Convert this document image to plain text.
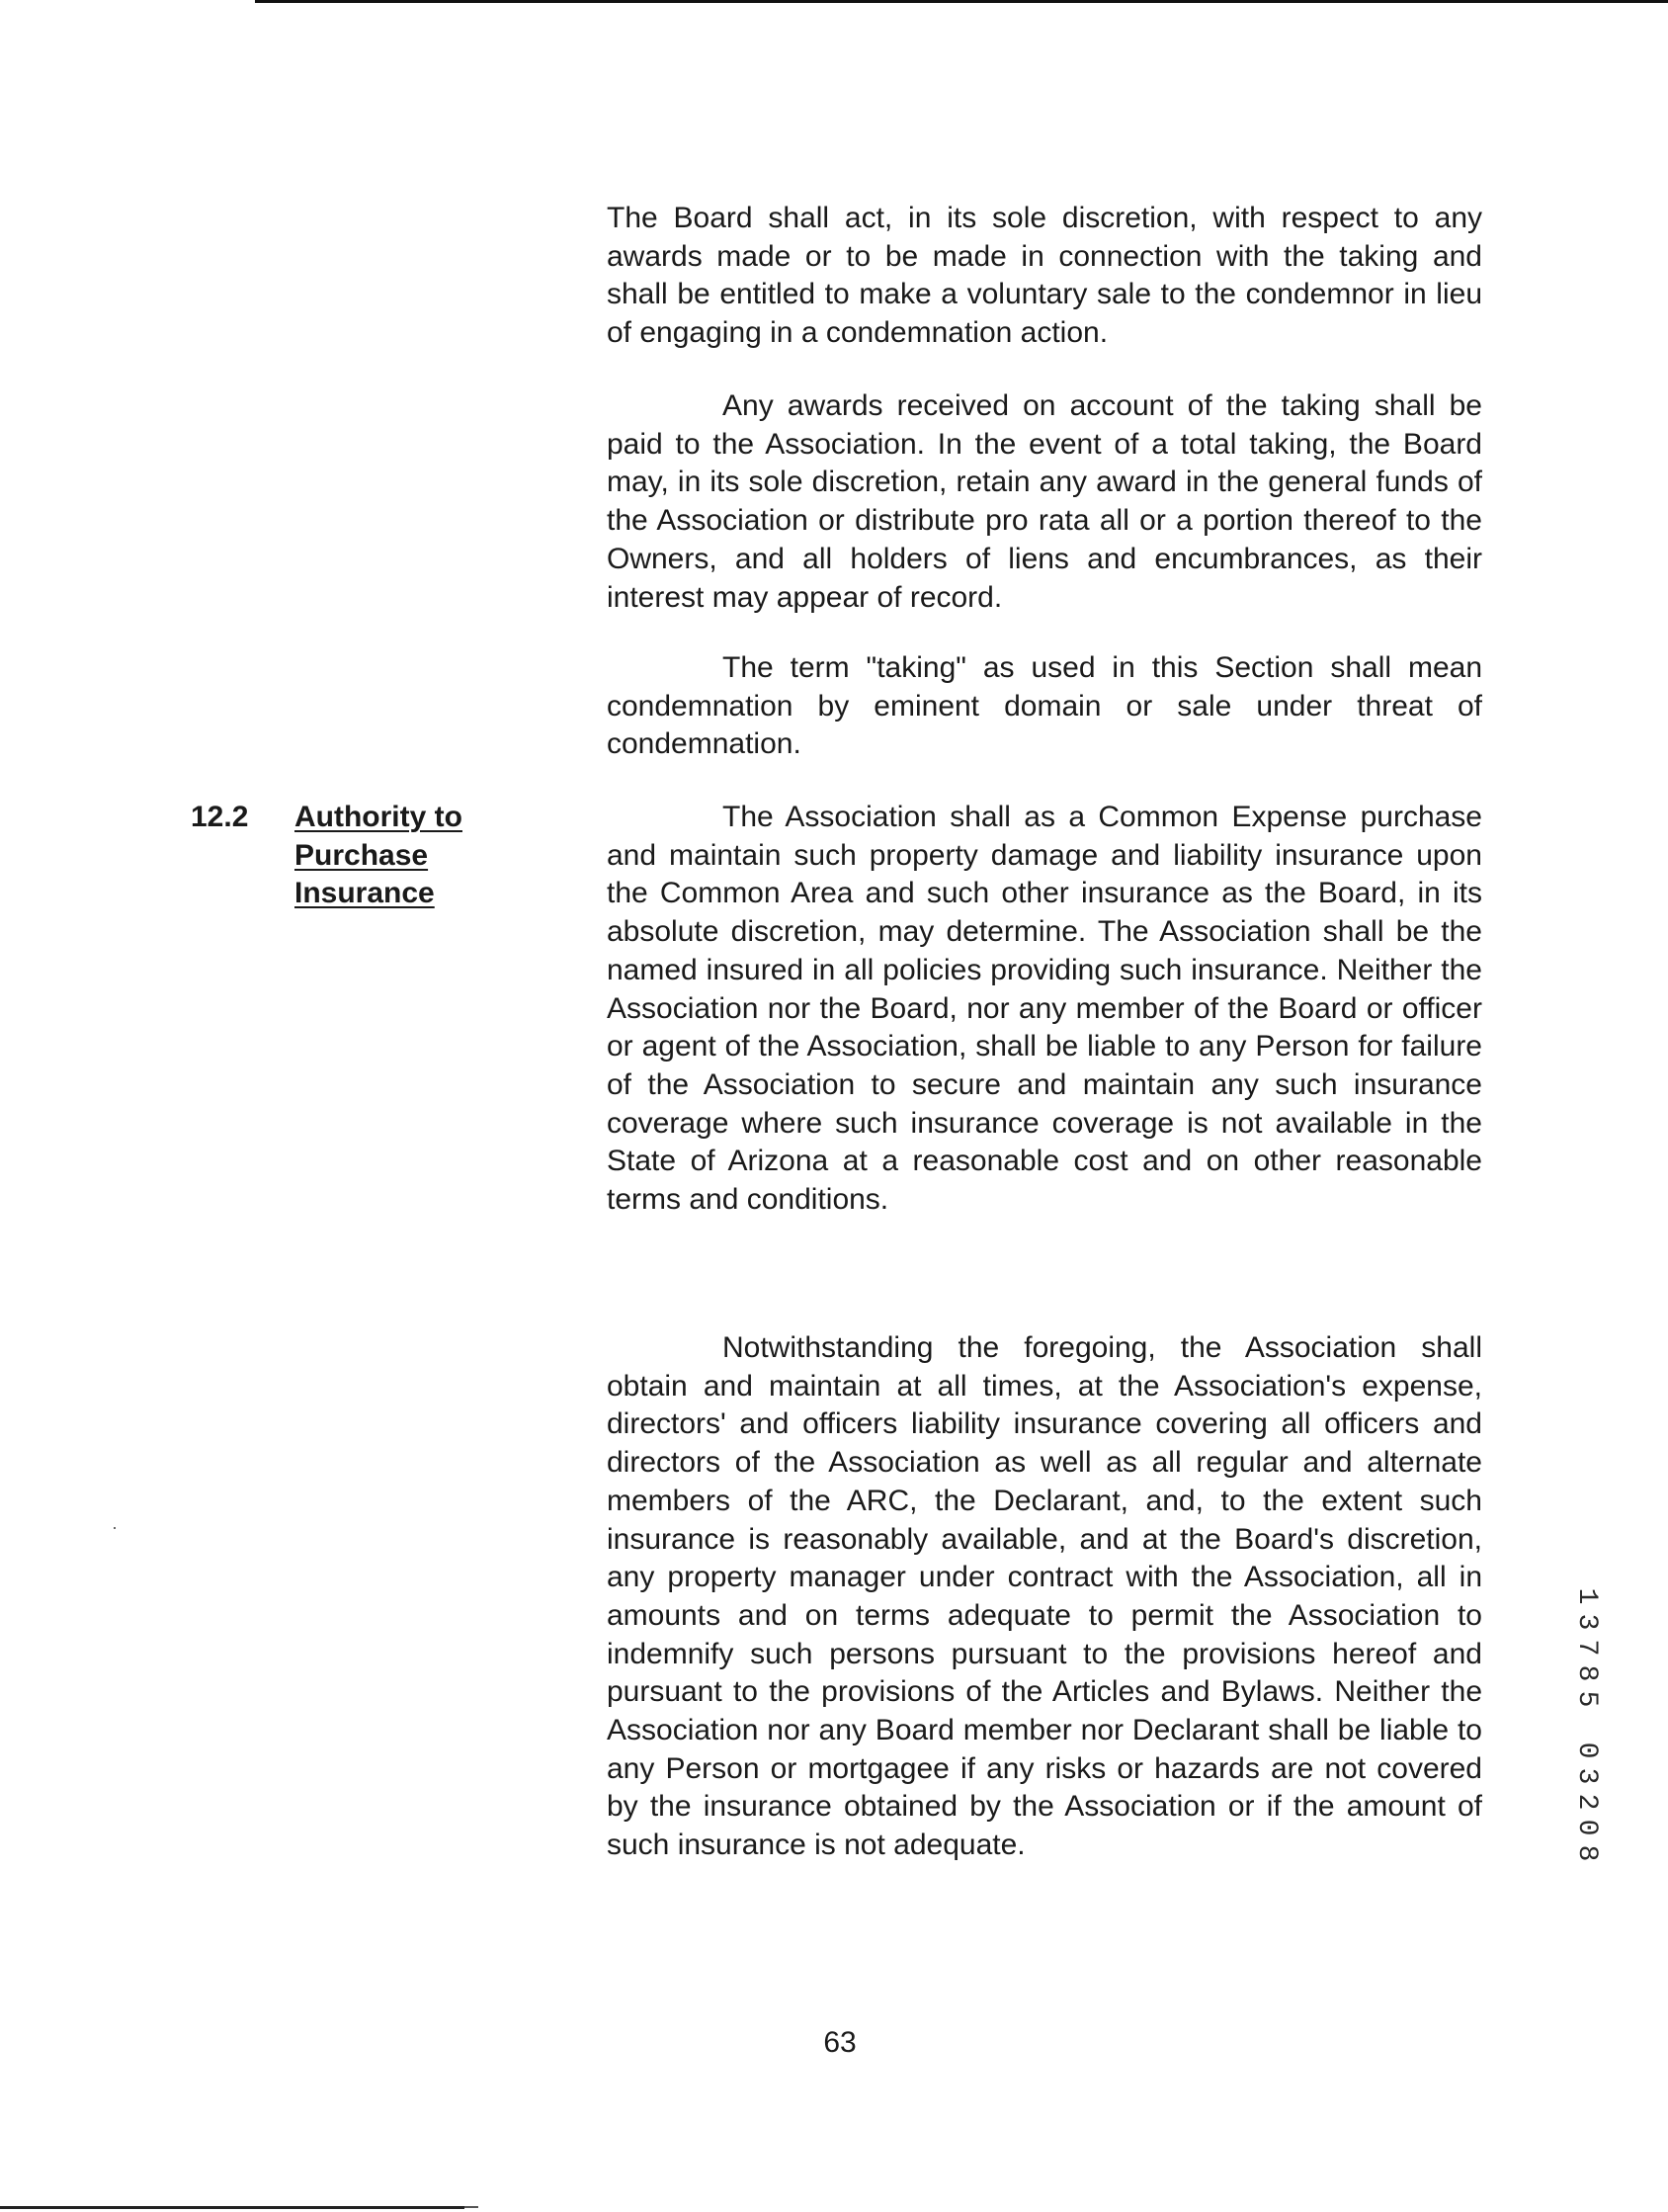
The Board shall act, in its sole discretion, with respect to any awards made or to be made in connection with the taking and shall be entitled to make a voluntary sale to the condemnor in lieu of engaging in a condemnation action.

Any awards received on account of the taking shall be paid to the Association. In the event of a total taking, the Board may, in its sole discretion, retain any award in the general funds of the Association or distribute pro rata all or a portion thereof to the Owners, and all holders of liens and encumbrances, as their interest may appear of record.

The term "taking" as used in this Section shall mean condemnation by eminent domain or sale under threat of condemnation.

12.2 Authority to
Purchase
Insurance

The Association shall as a Common Expense purchase and maintain such property damage and liability insurance upon the Common Area and such other insurance as the Board, in its absolute discretion, may determine. The Association shall be the named insured in all policies providing such insurance. Neither the Association nor the Board, nor any member of the Board or officer or agent of the Association, shall be liable to any Person for failure of the Association to secure and maintain any such insurance coverage where such insurance coverage is not available in the State of Arizona at a reasonable cost and on other reasonable terms and conditions.

Notwithstanding the foregoing, the Association shall obtain and maintain at all times, at the Association's expense, directors' and officers liability insurance covering all officers and directors of the Association as well as all regular and alternate members of the ARC, the Declarant, and, to the extent such insurance is reasonably available, and at the Board's discretion, any property manager under contract with the Association, all in amounts and on terms adequate to permit the Association to indemnify such persons pursuant to the provisions hereof and pursuant to the provisions of the Articles and Bylaws. Neither the Association nor any Board member nor Declarant shall be liable to any Person or mortgagee if any risks or hazards are not covered by the insurance obtained by the Association or if the amount of such insurance is not adequate.

1
3
7
8
5

0
3
2
0
8
63
